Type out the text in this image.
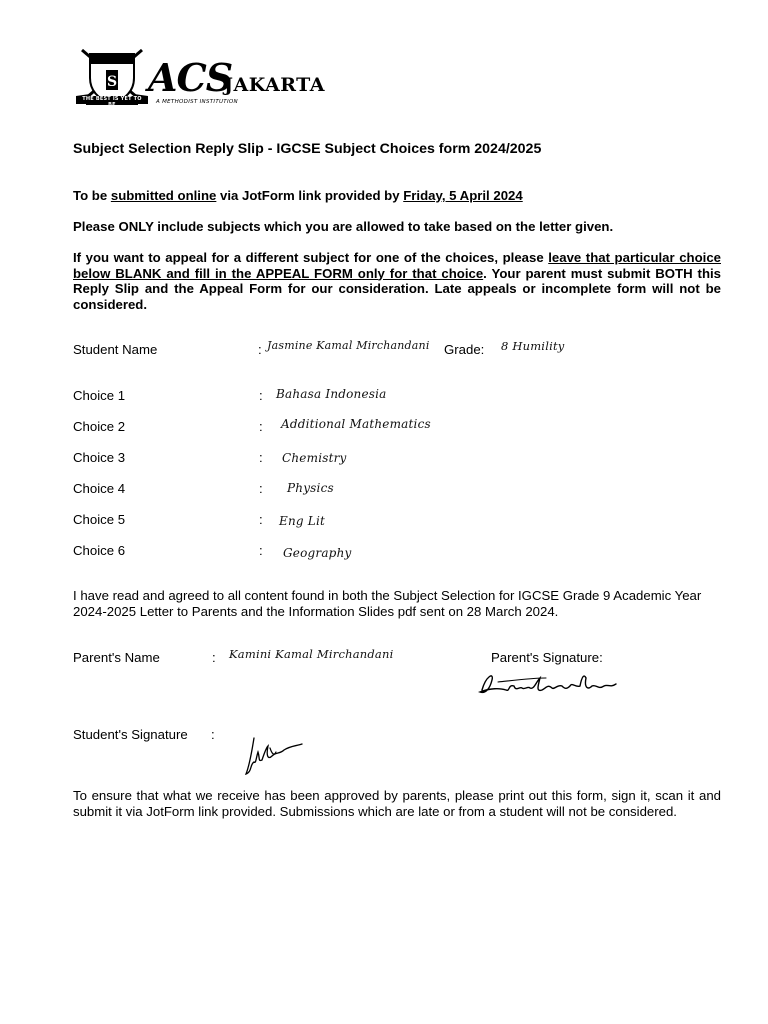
S
THE BEST IS YET TO BE
ACS
JAKARTA
A METHODIST INSTITUTION
Subject Selection Reply Slip - IGCSE Subject Choices form 2024/2025
To be submitted online via JotForm link provided by Friday, 5 April 2024
Please ONLY include subjects which you are allowed to take based on the letter given.
If you want to appeal for a different subject for one of the choices, please leave that particular choice below BLANK and fill in the APPEAL FORM only for that choice. Your parent must submit BOTH this Reply Slip and the Appeal Form for our consideration. Late appeals or incomplete form will not be considered.
Student Name	: Jasmine Kamal Mirchandani Grade: 8 Humility
Choice 1	: Bahasa Indonesia
Choice 2	: Additional Mathematics
Choice 3	: Chemistry
Choice 4	: Physics
Choice 5	: Eng Lit
Choice 6	: Geography
I have read and agreed to all content found in both the Subject Selection for IGCSE Grade 9 Academic Year 2024-2025 Letter to Parents and the Information Slides pdf sent on 28 March 2024.
Parent's Name	: Kamini Kamal Mirchandani	Parent's Signature:
Student's Signature :
To ensure that what we receive has been approved by parents, please print out this form, sign it, scan it and submit it via JotForm link provided. Submissions which are late or from a student will not be considered.
